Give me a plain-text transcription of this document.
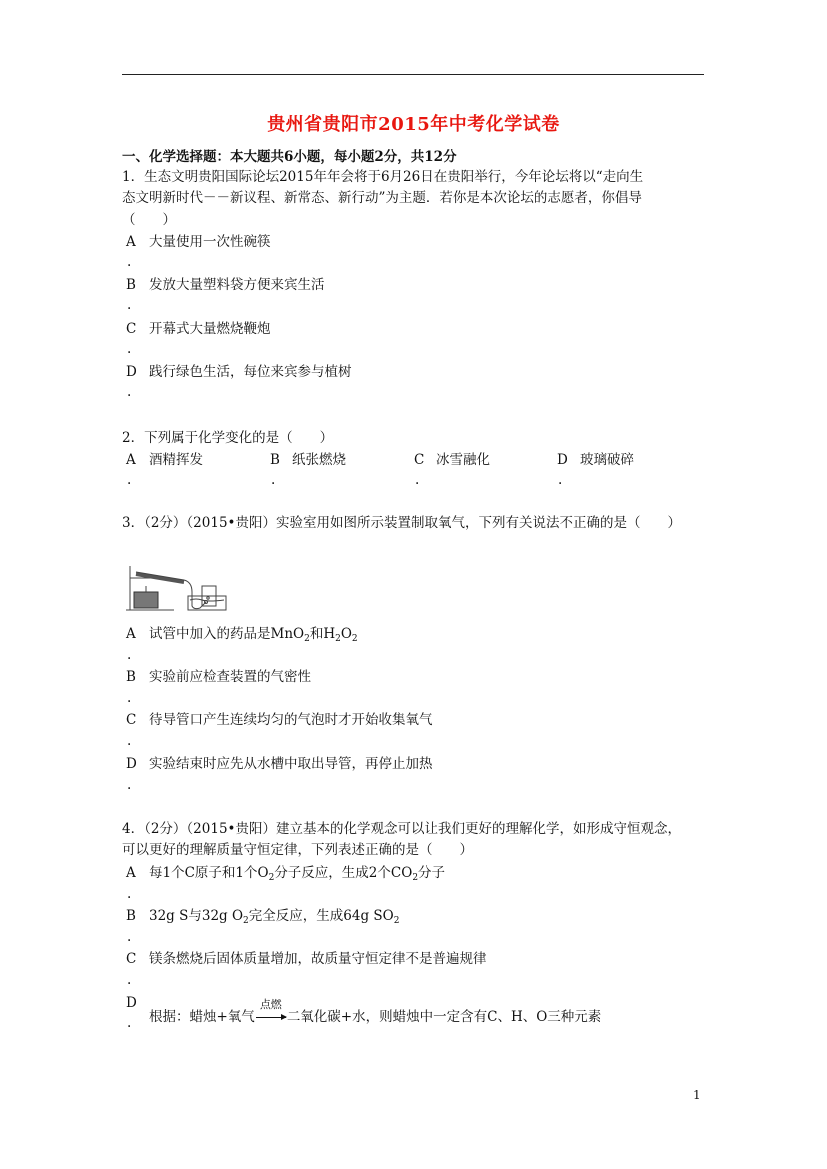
贵州省贵阳市2015年中考化学试卷
一、化学选择题：本大题共6小题，每小题2分，共12分
1．生态文明贵阳国际论坛2015年年会将于6月26日在贵阳举行，今年论坛将以“走向生
态文明新时代－－新议程、新常态、新行动”为主题．若你是本次论坛的志愿者，你倡导
（　　）
A 大量使用一次性碗筷
.
B 发放大量塑料袋方便来宾生活
.
C 开幕式大量燃烧鞭炮
.
D 践行绿色生活，每位来宾参与植树
.
2．下列属于化学变化的是（　　）
A 酒精挥发
.
B 纸张燃烧
.
C 冰雪融化
.
D 玻璃破碎
.
3．（2分）（2015•贵阳）实验室用如图所示装置制取氧气，下列有关说法不正确的是（　　）
A 试管中加入的药品是MnO$_2$和$H_2O_2$
.
B 实验前应检查装置的气密性
.
C 待导管口产生连续均匀的气泡时才开始收集氧气
.
D 实验结束时应先从水槽中取出导管，再停止加热
.
4．（2分）（2015•贵阳）建立基本的化学观念可以让我们更好的理解化学，如形成守恒观念，
可以更好的理解质量守恒定律，下列表述正确的是（　　）
A 每1个C原子和1个$O_2$分子反应，生成2个$CO_2$分子
.
B 32g S与32g $O_2$完全反应，生成64g $SO_2$
.
C 镁条燃烧后固体质量增加，故质量守恒定律不是普遍规律
.
D
. 根据：蜡烛+氧气
点燃
二氧化碳+水，则蜡烛中一定含有C、H、O三种元素
1
